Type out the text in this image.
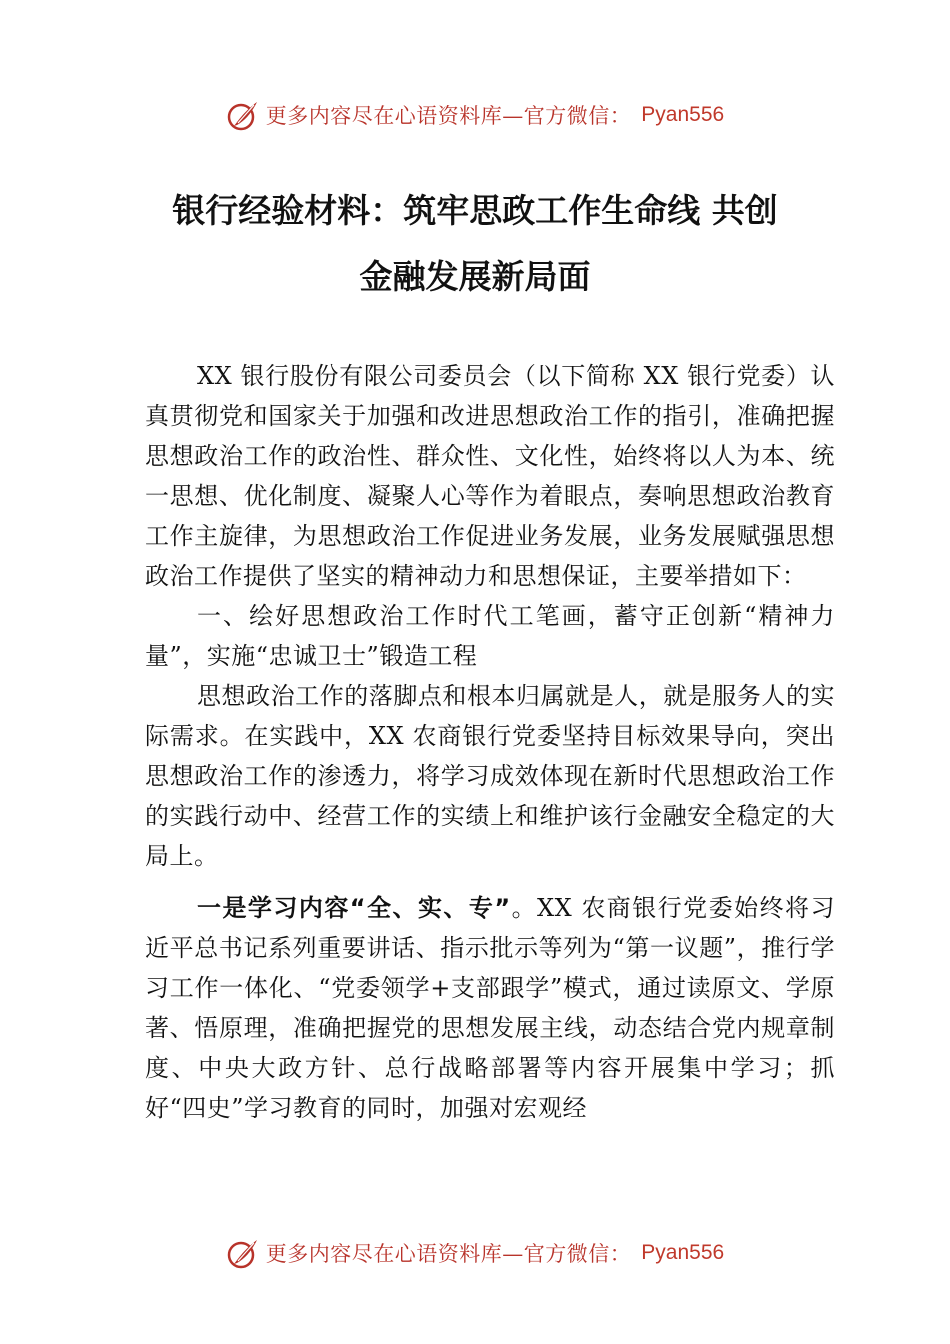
更多内容尽在心语资料库—官方微信： Pyan556
银行经验材料：筑牢思政工作生命线 共创
金融发展新局面

XX 银行股份有限公司委员会（以下简称 XX 银行党委）认真贯彻党和国家关于加强和改进思想政治工作的指引，准确把握思想政治工作的政治性、群众性、文化性，始终将以人为本、统一思想、优化制度、凝聚人心等作为着眼点，奏响思想政治教育工作主旋律，为思想政治工作促进业务发展，业务发展赋强思想政治工作提供了坚实的精神动力和思想保证，主要举措如下：

一、绘好思想政治工作时代工笔画，蓄守正创新“精神力量”，实施“忠诚卫士”锻造工程

思想政治工作的落脚点和根本归属就是人，就是服务人的实际需求。在实践中，XX 农商银行党委坚持目标效果导向，突出思想政治工作的渗透力，将学习成效体现在新时代思想政治工作的实践行动中、经营工作的实绩上和维护该行金融安全稳定的大局上。

一是学习内容“全、实、专”。XX 农商银行党委始终将习近平总书记系列重要讲话、指示批示等列为“第一议题”，推行学习工作一体化、“党委领学+支部跟学”模式，通过读原文、学原著、悟原理，准确把握党的思想发展主线，动态结合党内规章制度、中央大政方针、总行战略部署等内容开展集中学习；抓好“四史”学习教育的同时，加强对宏观经

更多内容尽在心语资料库—官方微信： Pyan556
